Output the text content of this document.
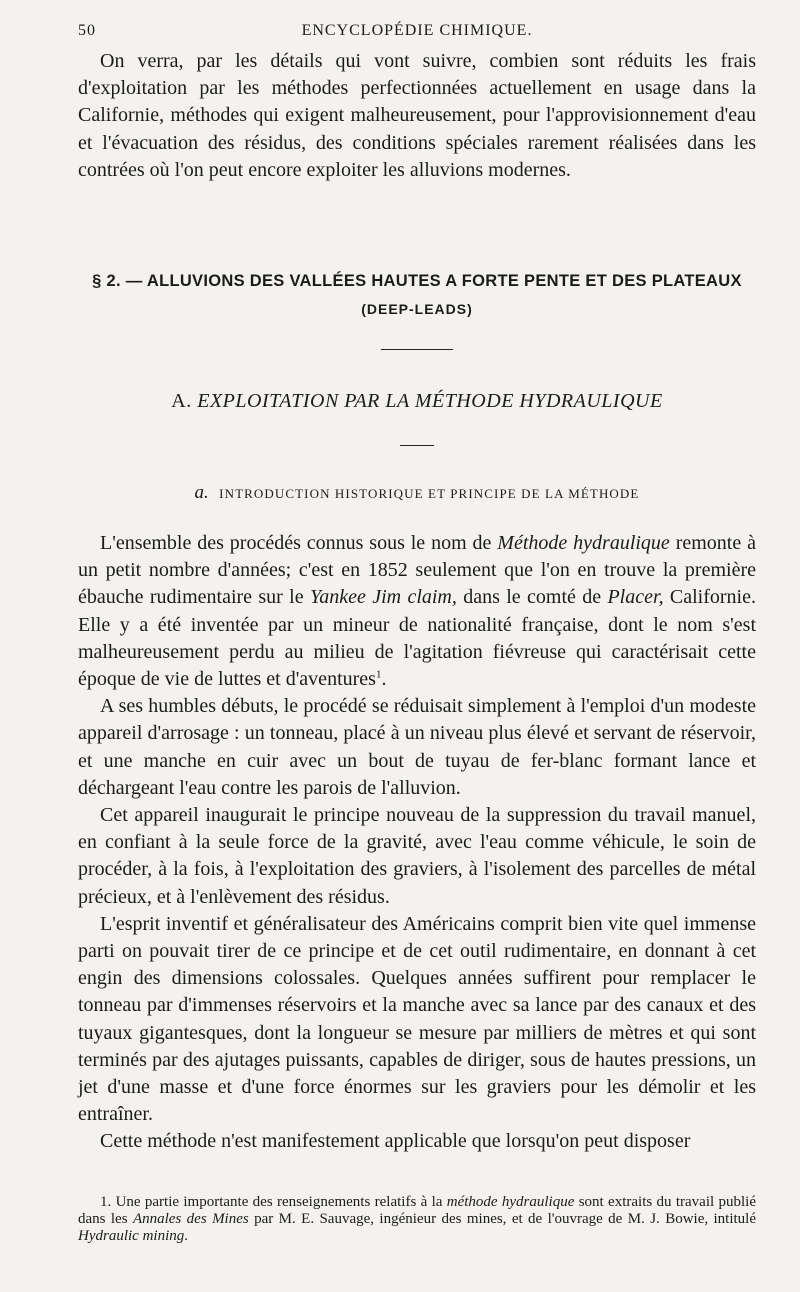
50	ENCYCLOPÉDIE CHIMIQUE.

On verra, par les détails qui vont suivre, combien sont réduits les frais d'exploitation par les méthodes perfectionnées actuellement en usage dans la Californie, méthodes qui exigent malheureusement, pour l'approvisionnement d'eau et l'évacuation des résidus, des conditions spéciales rarement réalisées dans les contrées où l'on peut encore exploiter les alluvions modernes.

§ 2. — ALLUVIONS DES VALLÉES HAUTES A FORTE PENTE ET DES PLATEAUX
(DEEP-LEADS)
A. EXPLOITATION PAR LA MÉTHODE HYDRAULIQUE
a. INTRODUCTION HISTORIQUE ET PRINCIPE DE LA MÉTHODE

L'ensemble des procédés connus sous le nom de Méthode hydraulique remonte à un petit nombre d'années; c'est en 1852 seulement que l'on en trouve la première ébauche rudimentaire sur le Yankee Jim claim, dans le comté de Placer, Californie. Elle y a été inventée par un mineur de nationalité française, dont le nom s'est malheureusement perdu au milieu de l'agitation fiévreuse qui caractérisait cette époque de vie de luttes et d'aventures$^1$.

A ses humbles débuts, le procédé se réduisait simplement à l'emploi d'un modeste appareil d'arrosage : un tonneau, placé à un niveau plus élevé et servant de réservoir, et une manche en cuir avec un bout de tuyau de fer-blanc formant lance et déchargeant l'eau contre les parois de l'alluvion.

Cet appareil inaugurait le principe nouveau de la suppression du travail manuel, en confiant à la seule force de la gravité, avec l'eau comme véhicule, le soin de procéder, à la fois, à l'exploitation des graviers, à l'isolement des parcelles de métal précieux, et à l'enlèvement des résidus.

L'esprit inventif et généralisateur des Américains comprit bien vite quel immense parti on pouvait tirer de ce principe et de cet outil rudimentaire, en donnant à cet engin des dimensions colossales. Quelques années suffirent pour remplacer le tonneau par d'immenses réservoirs et la manche avec sa lance par des canaux et des tuyaux gigantesques, dont la longueur se mesure par milliers de mètres et qui sont terminés par des ajutages puissants, capables de diriger, sous de hautes pressions, un jet d'une masse et d'une force énormes sur les graviers pour les démolir et les entraîner.

Cette méthode n'est manifestement applicable que lorsqu'on peut disposer

1. Une partie importante des renseignements relatifs à la méthode hydraulique sont extraits du travail publié dans les Annales des Mines par M. E. Sauvage, ingénieur des mines, et de l'ouvrage de M. J. Bowie, intitulé Hydraulic mining.
